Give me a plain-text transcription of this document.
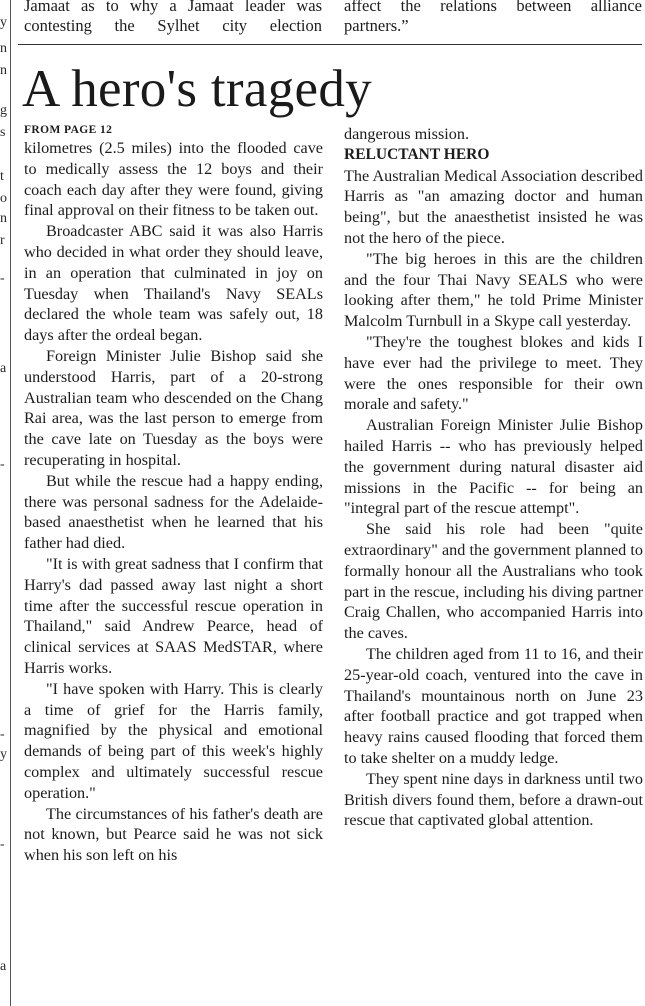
y
n
n
g
s
t
o
n
r
-
a
-
-
y
-
a
Jamaat as to why a Jamaat leader was
contesting the Sylhet city election
affect the relations between alliance
partners.”
A hero's tragedy
FROM PAGE 12

kilometres (2.5 miles) into the flooded cave to medically assess the 12 boys and their coach each day after they were found, giving final approval on their fitness to be taken out.

Broadcaster ABC said it was also Harris who decided in what order they should leave, in an operation that culminated in joy on Tuesday when Thailand's Navy SEALs declared the whole team was safely out, 18 days after the ordeal began.

Foreign Minister Julie Bishop said she understood Harris, part of a 20-strong Australian team who descended on the Chang Rai area, was the last person to emerge from the cave late on Tuesday as the boys were recuperating in hospital.

But while the rescue had a happy ending, there was personal sadness for the Adelaide-based anaesthetist when he learned that his father had died.

"It is with great sadness that I confirm that Harry's dad passed away last night a short time after the successful rescue operation in Thailand," said Andrew Pearce, head of clinical services at SAAS MedSTAR, where Harris works.

"I have spoken with Harry. This is clearly a time of grief for the Harris family, magnified by the physical and emotional demands of being part of this week's highly complex and ultimately successful rescue operation."

The circumstances of his father's death are not known, but Pearce said he was not sick when his son left on his

dangerous mission.

RELUCTANT HERO

The Australian Medical Association described Harris as "an amazing doctor and human being", but the anaesthetist insisted he was not the hero of the piece.

"The big heroes in this are the children and the four Thai Navy SEALS who were looking after them," he told Prime Minister Malcolm Turnbull in a Skype call yesterday.

"They're the toughest blokes and kids I have ever had the privilege to meet. They were the ones responsible for their own morale and safety."

Australian Foreign Minister Julie Bishop hailed Harris -- who has previously helped the government during natural disaster aid missions in the Pacific -- for being an "integral part of the rescue attempt".

She said his role had been "quite extraordinary" and the government planned to formally honour all the Australians who took part in the rescue, including his diving partner Craig Challen, who accompanied Harris into the caves.

The children aged from 11 to 16, and their 25-year-old coach, ventured into the cave in Thailand's mountainous north on June 23 after football practice and got trapped when heavy rains caused flooding that forced them to take shelter on a muddy ledge.

They spent nine days in darkness until two British divers found them, before a drawn-out rescue that captivated global attention.
